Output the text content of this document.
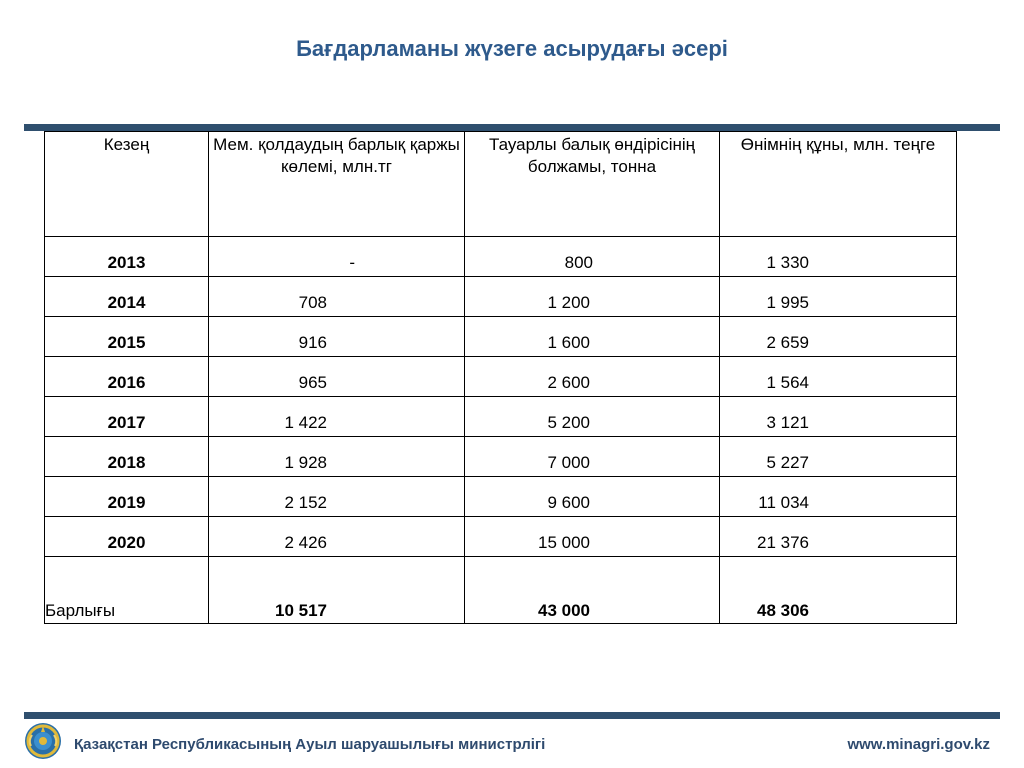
Бағдарламаны жүзеге асырудағы әсері
Кезең	Мем. қолдаудың барлық қаржы көлемі, млн.тг	Тауарлы балық өндірісінің болжамы, тонна	Өнімнің құны, млн. теңге
2013	-	800	1 330
2014	708	1 200	1 995
2015	916	1 600	2 659
2016	965	2 600	1 564
2017	1 422	5 200	3 121
2018	1 928	7 000	5 227
2019	2 152	9 600	11 034
2020	2 426	15 000	21 376
Барлығы	10 517	43 000	48 306
Қазақстан Республикасының Ауыл шаруашылығы министрлігі	www.minagri.gov.kz
